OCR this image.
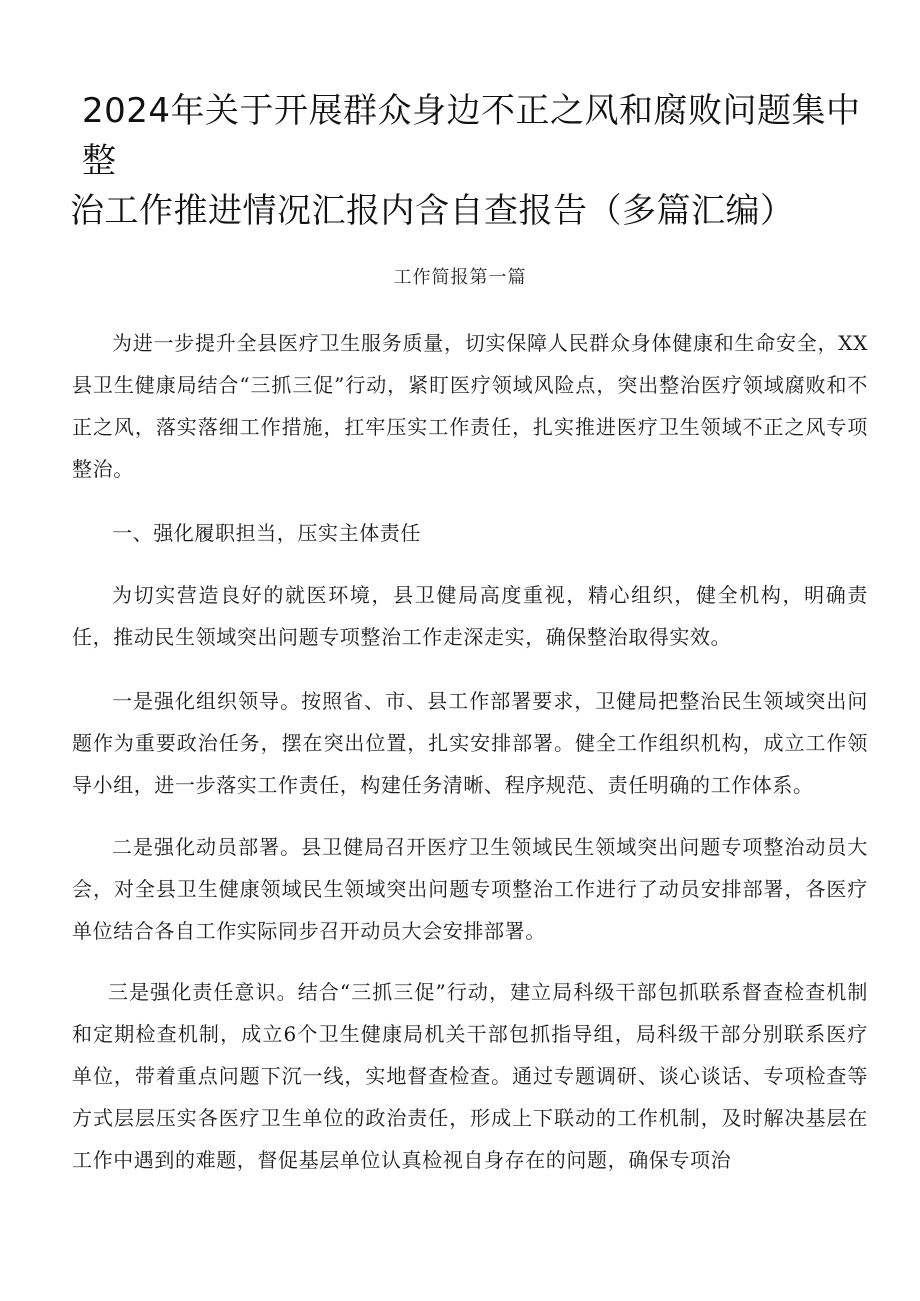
2024年关于开展群众身边不正之风和腐败问题集中整
治工作推进情况汇报内含自查报告（多篇汇编）
工作简报第一篇

为进一步提升全县医疗卫生服务质量，切实保障人民群众身体健康和生命安全，XX县卫生健康局结合“三抓三促”行动，紧盯医疗领域风险点，突出整治医疗领域腐败和不正之风，落实落细工作措施，扛牢压实工作责任，扎实推进医疗卫生领域不正之风专项整治。

一、强化履职担当，压实主体责任

为切实营造良好的就医环境，县卫健局高度重视，精心组织，健全机构，明确责任，推动民生领域突出问题专项整治工作走深走实，确保整治取得实效。

一是强化组织领导。按照省、市、县工作部署要求，卫健局把整治民生领域突出问题作为重要政治任务，摆在突出位置，扎实安排部署。健全工作组织机构，成立工作领导小组，进一步落实工作责任，构建任务清晰、程序规范、责任明确的工作体系。

二是强化动员部署。县卫健局召开医疗卫生领域民生领域突出问题专项整治动员大会，对全县卫生健康领域民生领域突出问题专项整治工作进行了动员安排部署，各医疗单位结合各自工作实际同步召开动员大会安排部署。

三是强化责任意识。结合“三抓三促”行动，建立局科级干部包抓联系督查检查机制和定期检查机制，成立6个卫生健康局机关干部包抓指导组，局科级干部分别联系医疗单位，带着重点问题下沉一线，实地督查检查。通过专题调研、谈心谈话、专项检查等方式层层压实各医疗卫生单位的政治责任，形成上下联动的工作机制，及时解决基层在工作中遇到的难题，督促基层单位认真检视自身存在的问题，确保专项治
